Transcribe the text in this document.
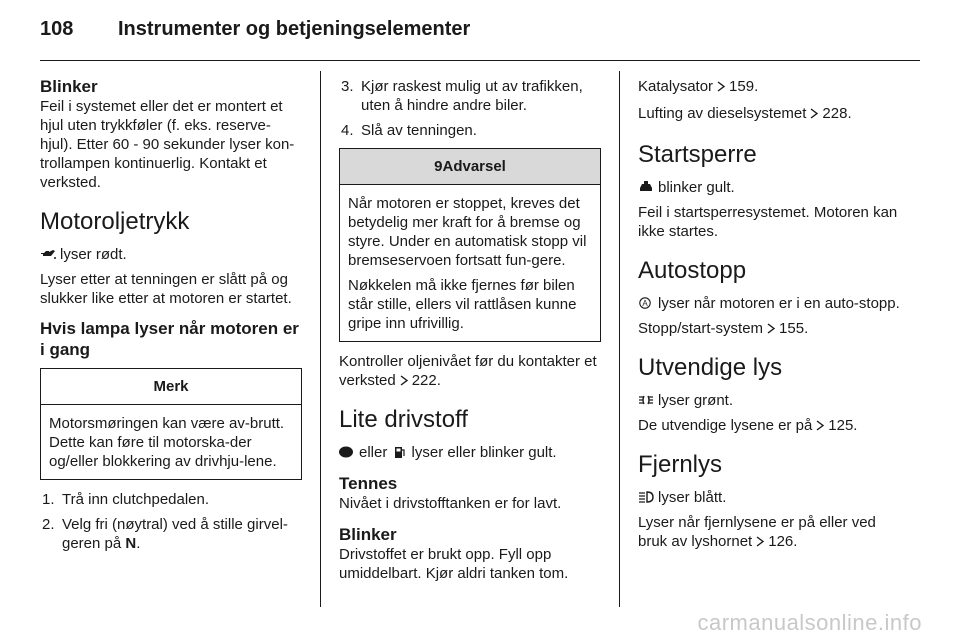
108 Instrumenter og betjeningselementer
Blinker

Feil i systemet eller det er montert et hjul uten trykkføler (f. eks. reserve-hjul). Etter 60 - 90 sekunder lyser kon-trollampen kontinuerlig. Kontakt et verksted.

Motoroljetrykk

lyser rødt.

Lyser etter at tenningen er slått på og slukker like etter at motoren er startet.

Hvis lampa lyser når motoren er i gang
Merk

Motorsmøringen kan være av-brutt. Dette kan føre til motorska-der og/eller blokkering av drivhju-lene.

1. Trå inn clutchpedalen.
2. Velg fri (nøytral) ved å stille girvel-geren på N.
3. Kjør raskest mulig ut av trafikken, uten å hindre andre biler.
4. Slå av tenningen.
9Advarsel

Når motoren er stoppet, kreves det betydelig mer kraft for å bremse og styre. Under en automatisk stopp vil bremseservoen fortsatt fun-gere.

Nøkkelen må ikke fjernes før bilen står stille, ellers vil rattlåsen kunne gripe inn ufrivillig.

Kontroller oljenivået før du kontakter et verksted 222.

Lite drivstoff

eller lyser eller blinker gult.

Tennes

Nivået i drivstofftanken er for lavt.

Blinker

Drivstoffet er brukt opp. Fyll opp umiddelbart. Kjør aldri tanken tom.

Katalysator 159.

Lufting av dieselsystemet 228.

Startsperre

blinker gult.

Feil i startsperresystemet. Motoren kan ikke startes.

Autostopp

A lyser når motoren er i en auto-stopp.

Stopp/start-system 155.

Utvendige lys

lyser grønt.

De utvendige lysene er på 125.

Fjernlys

lyser blått.

Lyser når fjernlysene er på eller ved bruk av lyshornet 126.

carmanualsonline.info
